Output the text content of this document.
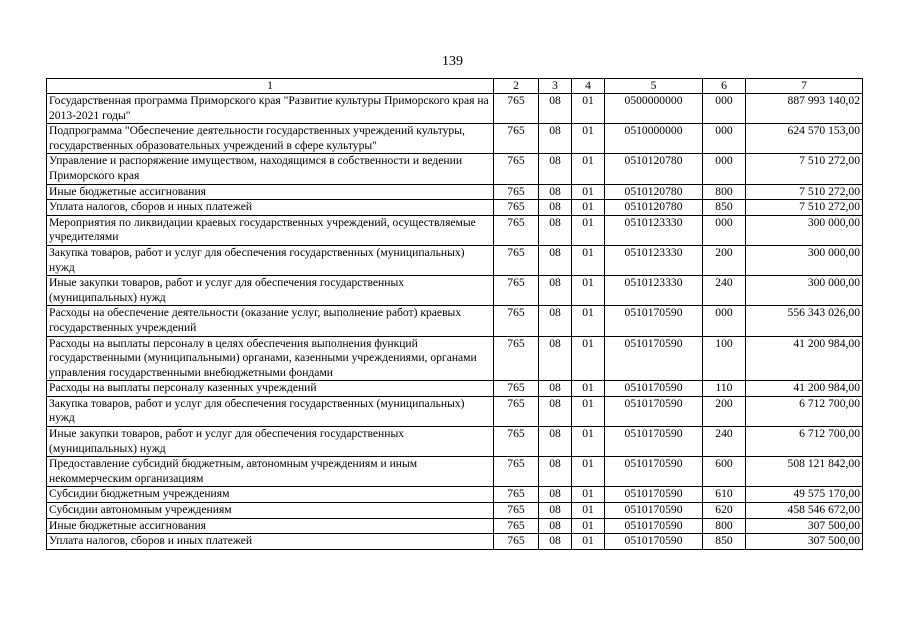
139
1	2	3	4	5	6	7
Государственная программа Приморского края "Развитие культуры Приморского края на 2013-2021 годы"	765	08	01	0500000000	000	887 993 140,02
Подпрограмма "Обеспечение деятельности государственных учреждений культуры, государственных образовательных учреждений в сфере культуры"	765	08	01	0510000000	000	624 570 153,00
Управление и распоряжение имуществом, находящимся в собственности и ведении Приморского края	765	08	01	0510120780	000	7 510 272,00
Иные бюджетные ассигнования	765	08	01	0510120780	800	7 510 272,00
Уплата налогов, сборов и иных платежей	765	08	01	0510120780	850	7 510 272,00
Мероприятия по ликвидации краевых государственных учреждений, осуществляемые учредителями	765	08	01	0510123330	000	300 000,00
Закупка товаров, работ и услуг для обеспечения государственных (муниципальных) нужд	765	08	01	0510123330	200	300 000,00
Иные закупки товаров, работ и услуг для обеспечения государственных (муниципальных) нужд	765	08	01	0510123330	240	300 000,00
Расходы на обеспечение деятельности (оказание услуг, выполнение работ) краевых государственных учреждений	765	08	01	0510170590	000	556 343 026,00
Расходы на выплаты персоналу в целях обеспечения выполнения функций государственными (муниципальными) органами, казенными учреждениями, органами управления государственными внебюджетными фондами	765	08	01	0510170590	100	41 200 984,00
Расходы на выплаты персоналу казенных учреждений	765	08	01	0510170590	110	41 200 984,00
Закупка товаров, работ и услуг для обеспечения государственных (муниципальных) нужд	765	08	01	0510170590	200	6 712 700,00
Иные закупки товаров, работ и услуг для обеспечения государственных (муниципальных) нужд	765	08	01	0510170590	240	6 712 700,00
Предоставление субсидий бюджетным, автономным учреждениям и иным некоммерческим организациям	765	08	01	0510170590	600	508 121 842,00
Субсидии бюджетным учреждениям	765	08	01	0510170590	610	49 575 170,00
Субсидии автономным учреждениям	765	08	01	0510170590	620	458 546 672,00
Иные бюджетные ассигнования	765	08	01	0510170590	800	307 500,00
Уплата налогов, сборов и иных платежей	765	08	01	0510170590	850	307 500,00
